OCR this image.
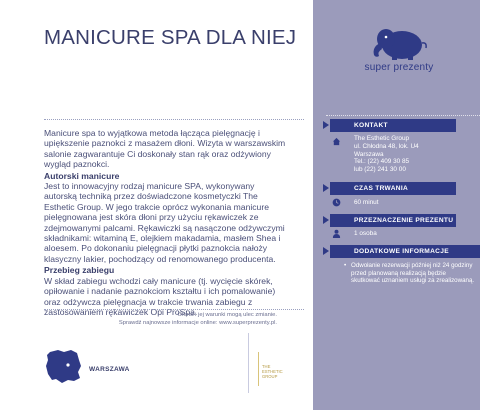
MANICURE SPA DLA NIEJ

Manicure spa to wyjątkowa metoda łącząca pielęgnację i upiększenie paznokci z masażem dłoni. Wizyta w warszawskim salonie zagwarantuje Ci doskonały stan rąk oraz odżywiony wygląd paznokci.

Autorski manicure

Jest to innowacyjny rodzaj manicure SPA, wykonywany autorską techniką przez doświadczone kosmetyczki The Esthetic Group. W jego trakcie oprócz wykonania manicure pielęgnowana jest skóra dłoni przy użyciu rękawiczek ze zdejmowanymi palcami. Rękawiczki są nasączone odżywczymi składnikami: witaminą E, olejkiem makadamia, masłem Shea i aloesem. Po dokonaniu pielęgnacji płytki paznokcia nałoży klasyczny lakier, pochodzący od renomowanego producenta.

Przebieg zabiegu

W skład zabiegu wchodzi cały manicure (tj. wycięcie skórek, opiłowanie i nadanie paznokciom kształtu i ich pomalowanie) oraz odżywcza pielęgnacja w trakcie trwania zabiegu z zastosowaniem rękawiczek Opi ProSpa.

Oferta i jej warunki mogą ulec zmianie.
Sprawdź najnowsze informacje online: www.superprezenty.pl.
WARSZAWA	THE ESTHETIC GROUP
super prezenty
KONTAKT
The Esthetic Group
ul. Chłodna 48, lok. U4
Warszawa
Tel.: (22) 409 30 85
lub (22) 241 30 00
CZAS TRWANIA
60 minut
PRZEZNACZENIE PREZENTU
1 osoba
DODATKOWE INFORMACJE
• Odwołanie rezerwacji później niż 24 godziny przed planowaną realizacją będzie skutkować uznaniem usługi za zrealizowaną.
